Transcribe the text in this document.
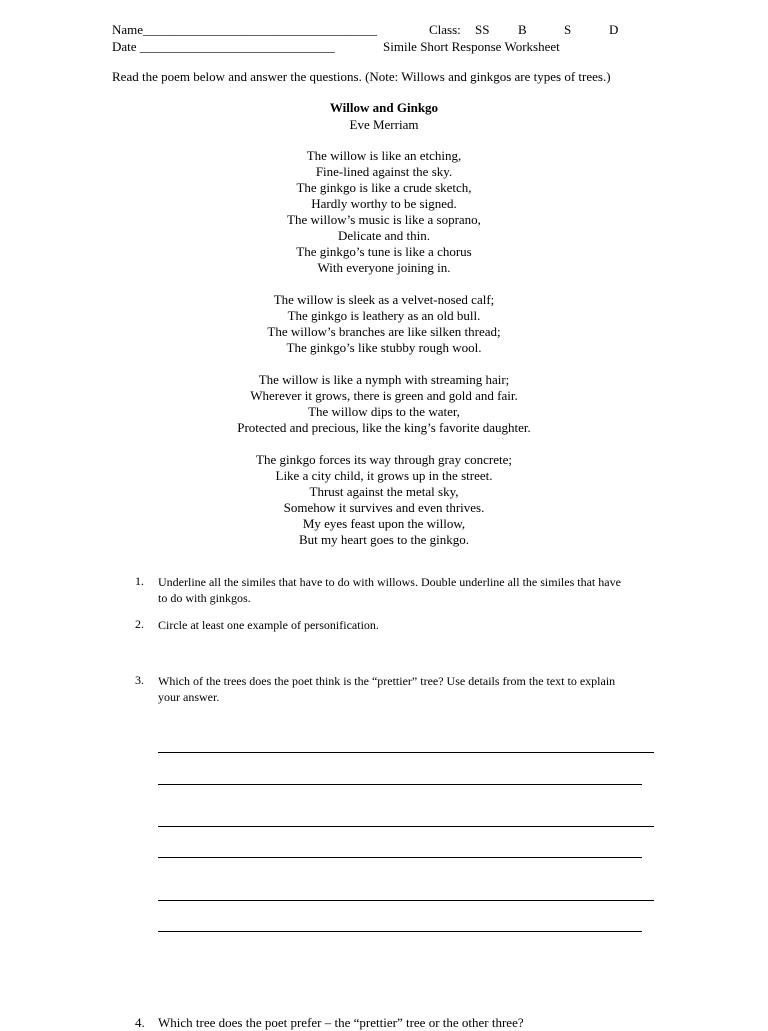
Name____________________________________	Class: SS B	S	D
Date ______________________________	Simile Short Response Worksheet
Read the poem below and answer the questions. (Note: Willows and ginkgos are types of trees.)
Willow and Ginkgo
Eve Merriam
The willow is like an etching,
Fine-lined against the sky.
The ginkgo is like a crude sketch,
Hardly worthy to be signed.
The willow’s music is like a soprano,
Delicate and thin.
The ginkgo’s tune is like a chorus
With everyone joining in.
The willow is sleek as a velvet-nosed calf;
The ginkgo is leathery as an old bull.
The willow’s branches are like silken thread;
The ginkgo’s like stubby rough wool.
The willow is like a nymph with streaming hair;
Wherever it grows, there is green and gold and fair.
The willow dips to the water,
Protected and precious, like the king’s favorite daughter.
The ginkgo forces its way through gray concrete;
Like a city child, it grows up in the street.
Thrust against the metal sky,
Somehow it survives and even thrives.
My eyes feast upon the willow,
But my heart goes to the ginkgo.
1. Underline all the similes that have to do with willows. Double underline all the similes that have
to do with ginkgos.
2. Circle at least one example of personification.
3. Which of the trees does the poet think is the “prettier” tree? Use details from the text to explain
your answer.
4. Which tree does the poet prefer – the “prettier” tree or the other three?
